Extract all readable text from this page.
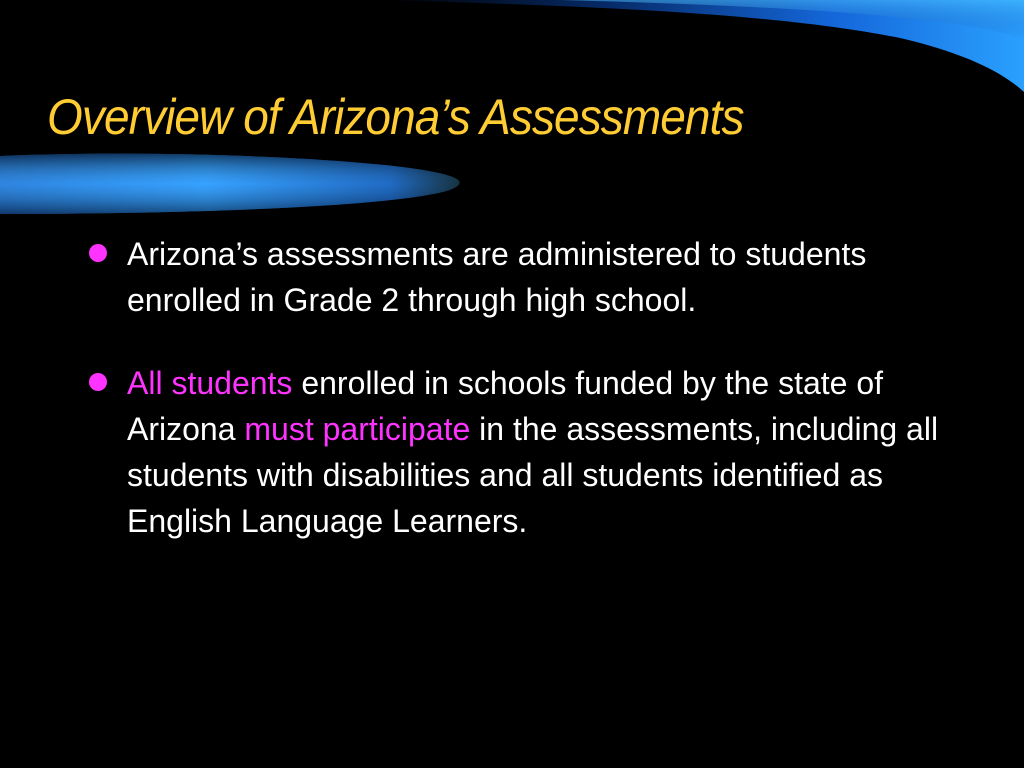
Overview of Arizona’s Assessments
Arizona’s assessments are administered to students enrolled in Grade 2 through high school.
All students enrolled in schools funded by the state of Arizona must participate in the assessments, including all students with disabilities and all students identified as English Language Learners.
